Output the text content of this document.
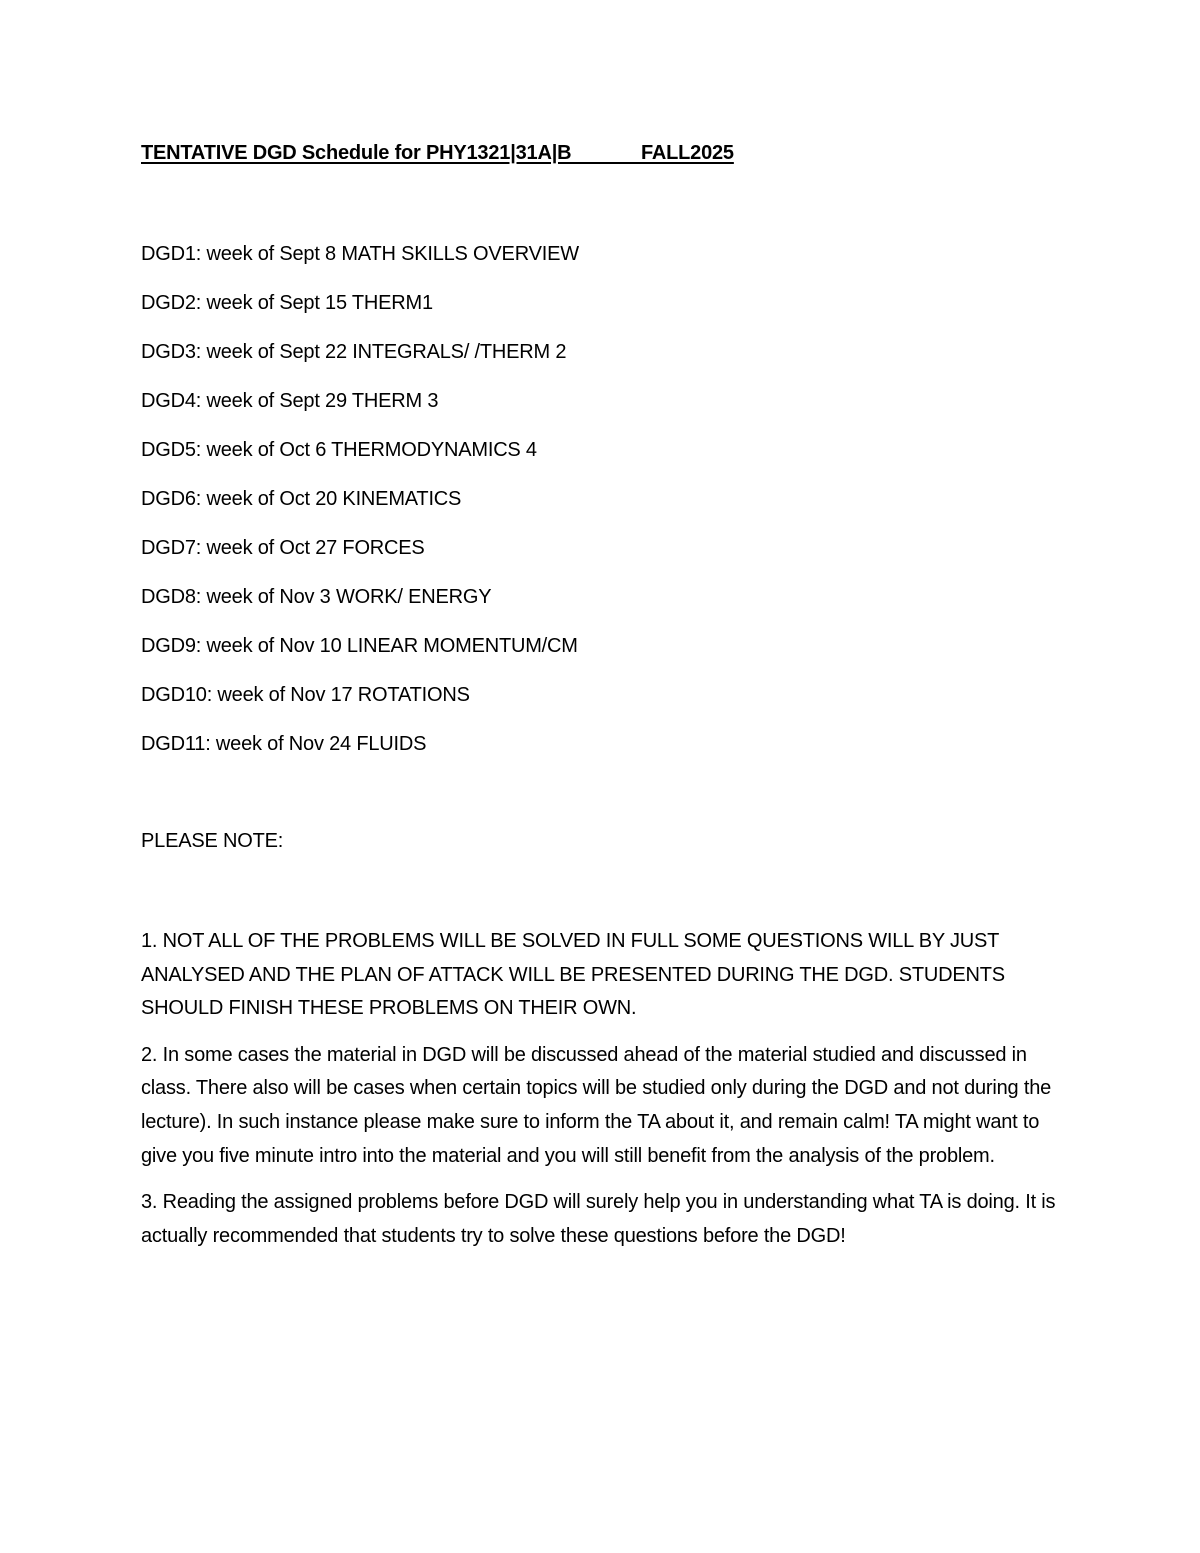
TENTATIVE DGD Schedule for PHY1321|31A|B             FALL2025
DGD1: week of Sept 8 MATH SKILLS OVERVIEW
DGD2: week of Sept 15 THERM1
DGD3: week of Sept 22 INTEGRALS/ /THERM 2
DGD4: week of Sept 29 THERM 3
DGD5: week of Oct 6 THERMODYNAMICS 4
DGD6: week of Oct 20 KINEMATICS
DGD7: week of Oct 27 FORCES
DGD8: week of Nov 3 WORK/ ENERGY
DGD9: week of Nov 10 LINEAR MOMENTUM/CM
DGD10: week of Nov 17 ROTATIONS
DGD11: week of Nov 24 FLUIDS
PLEASE NOTE:

1. NOT ALL OF THE PROBLEMS WILL BE SOLVED IN FULL SOME QUESTIONS WILL BY JUST ANALYSED AND THE PLAN OF ATTACK WILL BE PRESENTED DURING THE DGD. STUDENTS SHOULD FINISH THESE PROBLEMS ON THEIR OWN.

2. In some cases the material in DGD will be discussed ahead of the material studied and discussed in class. There also will be cases when certain topics will be studied only during the DGD and not during the lecture). In such instance please make sure to inform the TA about it, and remain calm! TA might want to give you five minute intro into the material and you will still benefit from the analysis of the problem.

3. Reading the assigned problems before DGD will surely help you in understanding what TA is doing. It is actually recommended that students try to solve these questions before the DGD!
